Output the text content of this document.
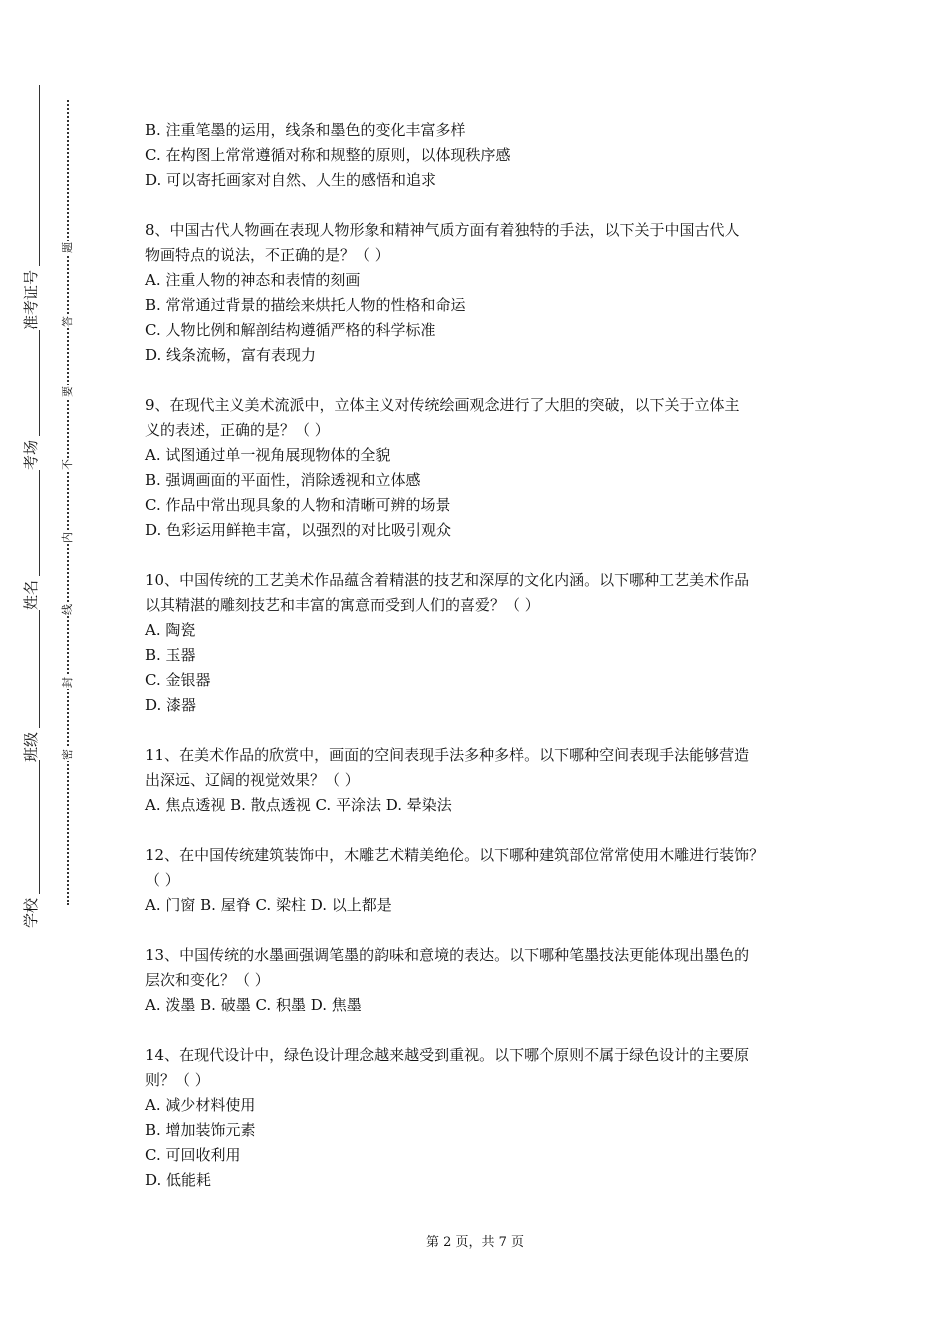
学校
班级
姓名
考场
准考证号
密
封
线
内
不
要
答
题
B. 注重笔墨的运用，线条和墨色的变化丰富多样
C. 在构图上常常遵循对称和规整的原则，以体现秩序感
D. 可以寄托画家对自然、人生的感悟和追求
8、中国古代人物画在表现人物形象和精神气质方面有着独特的手法，以下关于中国古代人
物画特点的说法，不正确的是？（ ）
A. 注重人物的神态和表情的刻画
B. 常常通过背景的描绘来烘托人物的性格和命运
C. 人物比例和解剖结构遵循严格的科学标准
D. 线条流畅，富有表现力
9、在现代主义美术流派中，立体主义对传统绘画观念进行了大胆的突破，以下关于立体主
义的表述，正确的是？（ ）
A. 试图通过单一视角展现物体的全貌
B. 强调画面的平面性，消除透视和立体感
C. 作品中常出现具象的人物和清晰可辨的场景
D. 色彩运用鲜艳丰富，以强烈的对比吸引观众
10、中国传统的工艺美术作品蕴含着精湛的技艺和深厚的文化内涵。以下哪种工艺美术作品
以其精湛的雕刻技艺和丰富的寓意而受到人们的喜爱？（ ）
A. 陶瓷
B. 玉器
C. 金银器
D. 漆器
11、在美术作品的欣赏中，画面的空间表现手法多种多样。以下哪种空间表现手法能够营造
出深远、辽阔的视觉效果？（ ）
A. 焦点透视 B. 散点透视 C. 平涂法 D. 晕染法
12、在中国传统建筑装饰中，木雕艺术精美绝伦。以下哪种建筑部位常常使用木雕进行装饰？
（ ）
A. 门窗 B. 屋脊 C. 梁柱 D. 以上都是
13、中国传统的水墨画强调笔墨的韵味和意境的表达。以下哪种笔墨技法更能体现出墨色的
层次和变化？（ ）
A. 泼墨 B. 破墨 C. 积墨 D. 焦墨
14、在现代设计中，绿色设计理念越来越受到重视。以下哪个原则不属于绿色设计的主要原
则？（ ）
A. 减少材料使用
B. 增加装饰元素
C. 可回收利用
D. 低能耗
第 2 页，共 7 页
